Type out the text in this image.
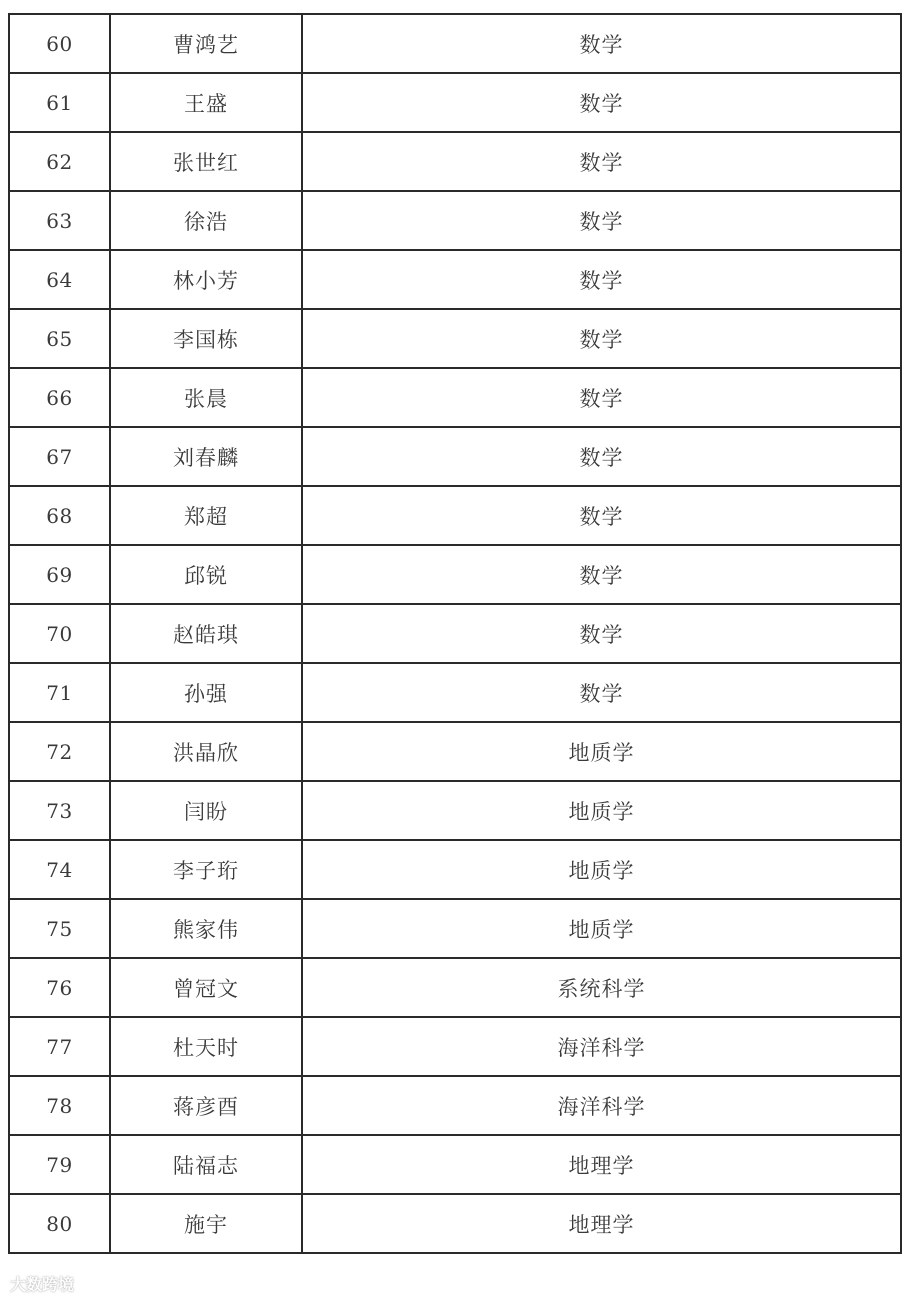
60	曹鸿艺	数学
61	王盛	数学
62	张世红	数学
63	徐浩	数学
64	林小芳	数学
65	李国栋	数学
66	张晨	数学
67	刘春麟	数学
68	郑超	数学
69	邱锐	数学
70	赵皓琪	数学
71	孙强	数学
72	洪晶欣	地质学
73	闫盼	地质学
74	李子珩	地质学
75	熊家伟	地质学
76	曾冠文	系统科学
77	杜天时	海洋科学
78	蒋彦酉	海洋科学
79	陆福志	地理学
80	施宇	地理学
大数跨境
